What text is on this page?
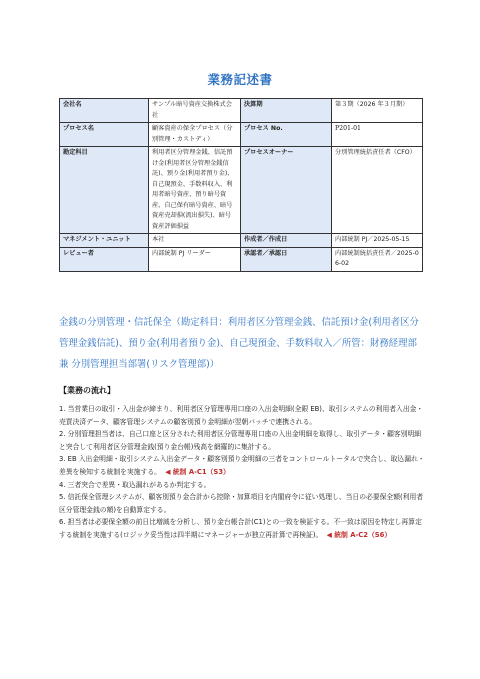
業務記述書
会社名	サンプル暗号資産交換株式会社	決算期	第３期（2026 年３月期）
プロセス名	顧客資産の保全プロセス（分別管理・カストディ）	プロセス No.	P201-01
勘定科目	利用者区分管理金銭、信託預け金(利用者区分管理金銭信託)、預り金(利用者預り金)、自己現預金、手数料収入、利用者暗号資産、預り暗号資産、自己保有暗号資産、暗号資産売却損(流出損失)、暗号資産評価損益	プロセスオーナー	分別管理統括責任者（CFO）
マネジメント・ユニット	本社	作成者／作成日	内部統制 PJ／2025-05-15
レビュー者	内部統制 PJ リーダー	承認者／承認日	内部統制統括責任者／2025-06-02
金銭の分別管理・信託保全（勘定科目：利用者区分管理金銭、信託預け金(利用者区分管理金銭信託)、預り金(利用者預り金)、自己現預金、手数料収入／所管：財務経理部 兼 分別管理担当部署(リスク管理部)）
【業務の流れ】
1. 当営業日の取引・入出金が締まり、利用者区分管理専用口座の入出金明細(全銀 EB)、取引システムの利用者入出金・売買決済データ、顧客管理システムの顧客別預り金明細が翌朝バッチで連携される。
2. 分別管理担当者は、自己口座と区分された利用者区分管理専用口座の入出金明細を取得し、取引データ・顧客別明細と突合して利用者区分管理金銭(預り金台帳)残高を網羅的に集計する。
3. EB 入出金明細・取引システム入出金データ・顧客別預り金明細の三者をコントロールトータルで突合し、取込漏れ・差異を検知する統制を実施する。 ◀ 統制 A-C1（S3）
4. 三者突合で差異・取込漏れがあるか判定する。
5. 信託保全管理システムが、顧客別預り金合計から控除・加算項目を内閣府令に従い処理し、当日の必要保全額(利用者区分管理金銭の額)を自動算定する。
6. 担当者は必要保全額の前日比増減を分析し、預り金台帳合計(C1)との一致を検証する。不一致は原因を特定し再算定する統制を実施する(ロジック妥当性は四半期にマネージャーが独立再計算で再検証)。 ◀ 統制 A-C2（S6）
